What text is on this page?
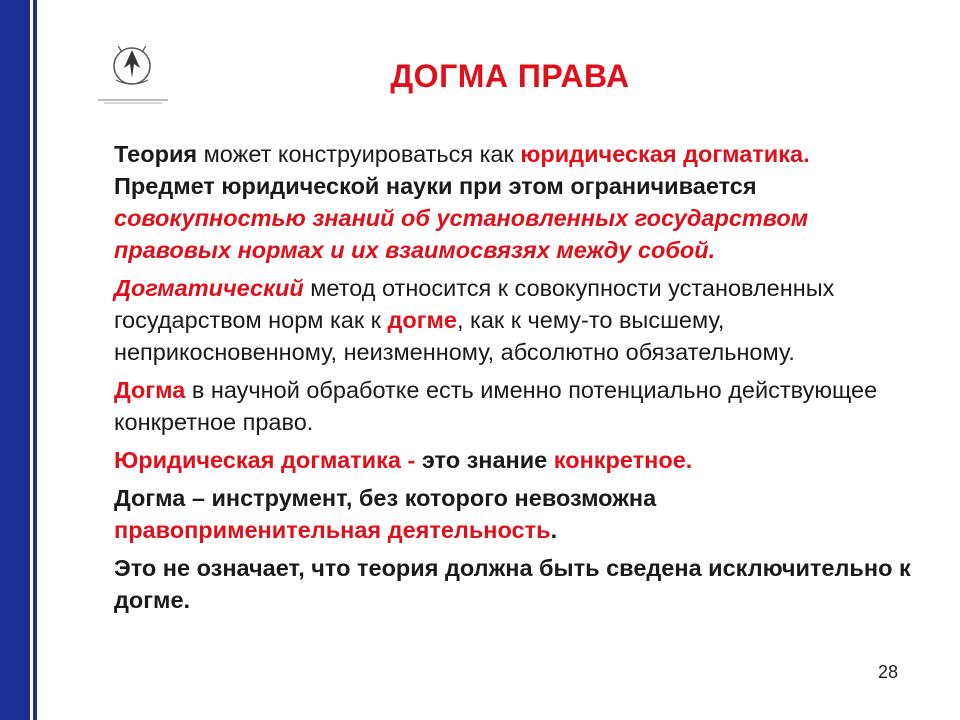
ДОГМА ПРАВА

Теория может конструироваться как юридическая догматика. Предмет юридической науки при этом ограничивается совокупностью знаний об установленных государством правовых нормах и их взаимосвязях между собой.

Догматический метод относится к совокупности установленных государством норм как к догме, как к чему-то высшему, неприкосновенному, неизменному, абсолютно обязательному.

Догма в научной обработке есть именно потенциально действующее конкретное право.

Юридическая догматика - это знание конкретное.

Догма – инструмент, без которого невозможна правоприменительная деятельность.

Это не означает, что теория должна быть сведена исключительно к догме.

28
